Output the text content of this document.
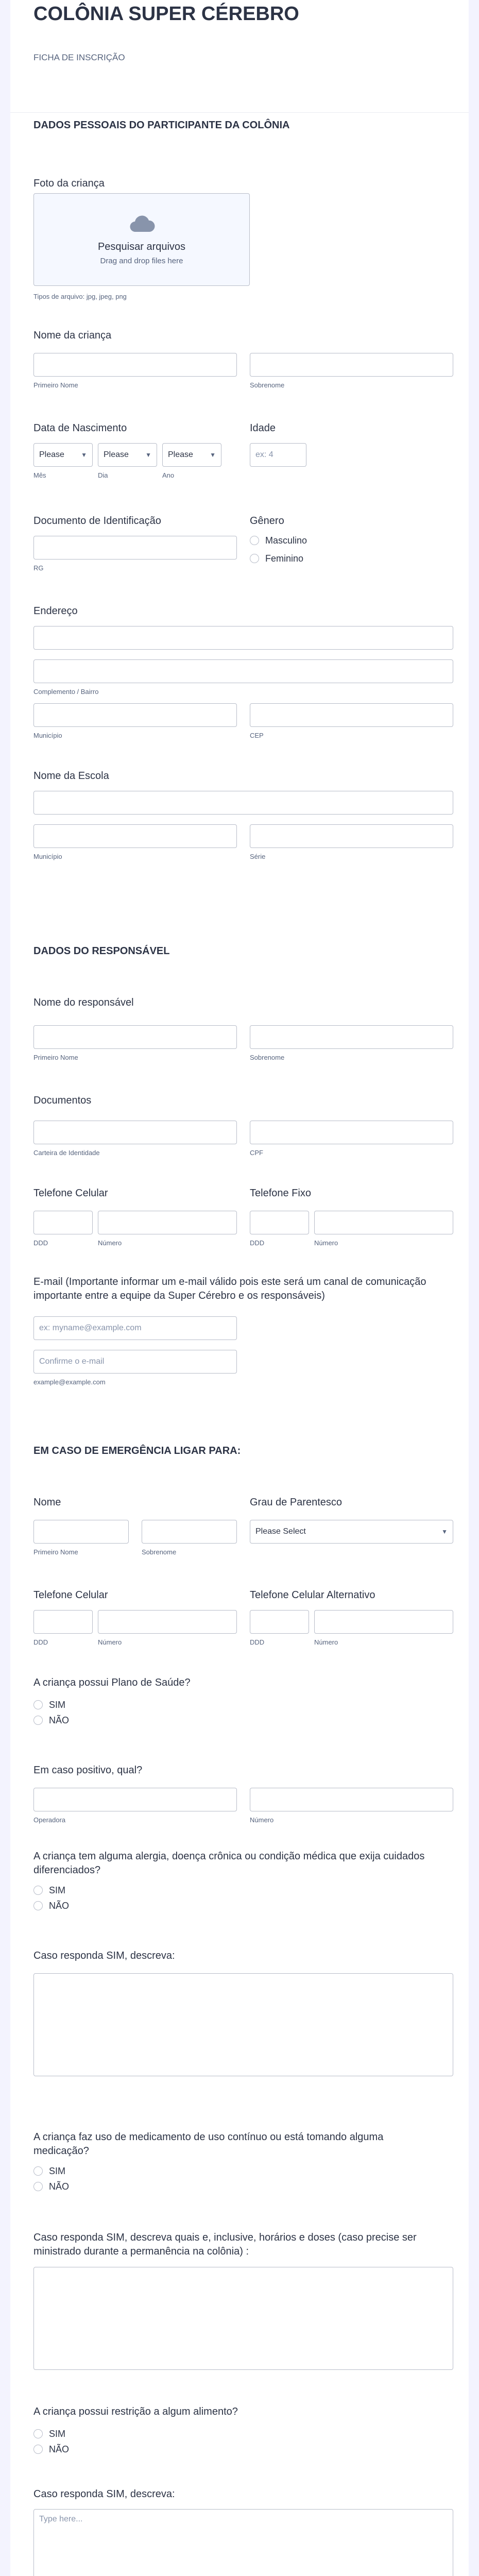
COLÔNIA SUPER CÉREBRO
FICHA DE INSCRIÇÃO
DADOS PESSOAIS DO PARTICIPANTE DA COLÔNIA
Foto da criança
Pesquisar arquivos
Drag and drop files here
Tipos de arquivo: jpg, jpeg, png
Nome da criança
Primeiro Nome	Sobrenome
Data de Nascimento
Please	▼ Please	▼ Please	▼
Mês	Dia	Ano
Idade
ex: 4
Documento de Identificação
RG
Gênero
Masculino
Feminino
Endereço
Complemento / Bairro
Município	CEP
Nome da Escola
Município	Série
DADOS DO RESPONSÁVEL
Nome do responsável
Primeiro Nome	Sobrenome
Documentos
Carteira de Identidade	CPF
Telefone Celular
DDD	Número
Telefone Fixo
DDD	Número
E-mail (Importante informar um e-mail válido pois este será um canal de comunicação importante entre a equipe da Super Cérebro e os responsáveis)
ex: myname@example.com
Confirme o e-mail
example@example.com
EM CASO DE EMERGÊNCIA LIGAR PARA:
Nome
Primeiro Nome	Sobrenome
Grau de Parentesco
Please Select	▼
Telefone Celular
DDD	Número
Telefone Celular Alternativo
DDD	Número
A criança possui Plano de Saúde?
SIM
NÃO
Em caso positivo, qual?
Operadora	Número
A criança tem alguma alergia, doença crônica ou condição médica que exija cuidados diferenciados?
SIM
NÃO
Caso responda SIM, descreva:
A criança faz uso de medicamento de uso contínuo ou está tomando alguma medicação?
SIM
NÃO
Caso responda SIM, descreva quais e, inclusive, horários e doses (caso precise ser ministrado durante a permanência na colônia) :
A criança possui restrição a algum alimento?
SIM
NÃO
Caso responda SIM, descreva:
Type here...
